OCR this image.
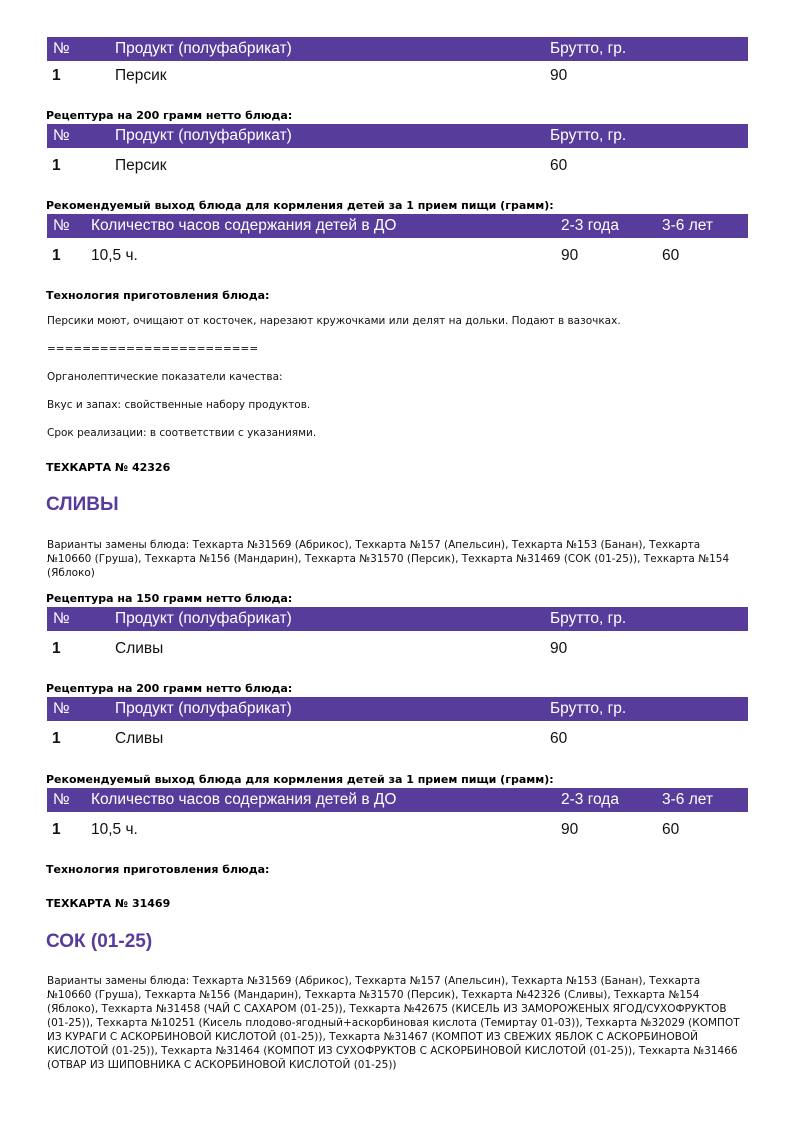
№	Продукт (полуфабрикат)	Брутто, гр.
1	Персик	90
Рецептура на 200 грамм нетто блюда:
№	Продукт (полуфабрикат)	Брутто, гр.
1	Персик	60
Рекомендуемый выход блюда для кормления детей за 1 прием пищи (грамм):
№ Количество часов содержания детей в ДО	2-3 года	3-6 лет
1 10,5 ч.	90	60
Технология приготовления блюда:
Персики моют, очищают от косточек, нарезают кружочками или делят на дольки. Подают в вазочках.
========================
Органолептические показатели качества:
Вкус и запах: свойственные набору продуктов.
Срок реализации: в соответствии с указаниями.
ТЕХКАРТА № 42326
СЛИВЫ
Варианты замены блюда: Техкарта №31569 (Абрикос), Техкарта №157 (Апельсин), Техкарта №153 (Банан), Техкарта №10660 (Груша), Техкарта №156 (Мандарин), Техкарта №31570 (Персик), Техкарта №31469 (СОК (01-25)), Техкарта №154 (Яблоко)
Рецептура на 150 грамм нетто блюда:
№	Продукт (полуфабрикат)	Брутто, гр.
1	Сливы	90
Рецептура на 200 грамм нетто блюда:
№	Продукт (полуфабрикат)	Брутто, гр.
1	Сливы	60
Рекомендуемый выход блюда для кормления детей за 1 прием пищи (грамм):
№ Количество часов содержания детей в ДО	2-3 года	3-6 лет
1 10,5 ч.	90	60
Технология приготовления блюда:
ТЕХКАРТА № 31469
СОК (01-25)
Варианты замены блюда: Техкарта №31569 (Абрикос), Техкарта №157 (Апельсин), Техкарта №153 (Банан), Техкарта №10660 (Груша), Техкарта №156 (Мандарин), Техкарта №31570 (Персик), Техкарта №42326 (Сливы), Техкарта №154 (Яблоко), Техкарта №31458 (ЧАЙ С САХАРОМ (01-25)), Техкарта №42675 (КИСЕЛЬ ИЗ ЗАМОРОЖЕНЫХ ЯГОД/СУХОФРУКТОВ (01-25)), Техкарта №10251 (Кисель плодово-ягодный+аскорбиновая кислота (Темиртау 01-03)), Техкарта №32029 (КОМПОТ ИЗ КУРАГИ С АСКОРБИНОВОЙ КИСЛОТОЙ (01-25)), Техкарта №31467 (КОМПОТ ИЗ СВЕЖИХ ЯБЛОК С АСКОРБИНОВОЙ КИСЛОТОЙ (01-25)), Техкарта №31464 (КОМПОТ ИЗ СУХОФРУКТОВ С АСКОРБИНОВОЙ КИСЛОТОЙ (01-25)), Техкарта №31466 (ОТВАР ИЗ ШИПОВНИКА С АСКОРБИНОВОЙ КИСЛОТОЙ (01-25))
